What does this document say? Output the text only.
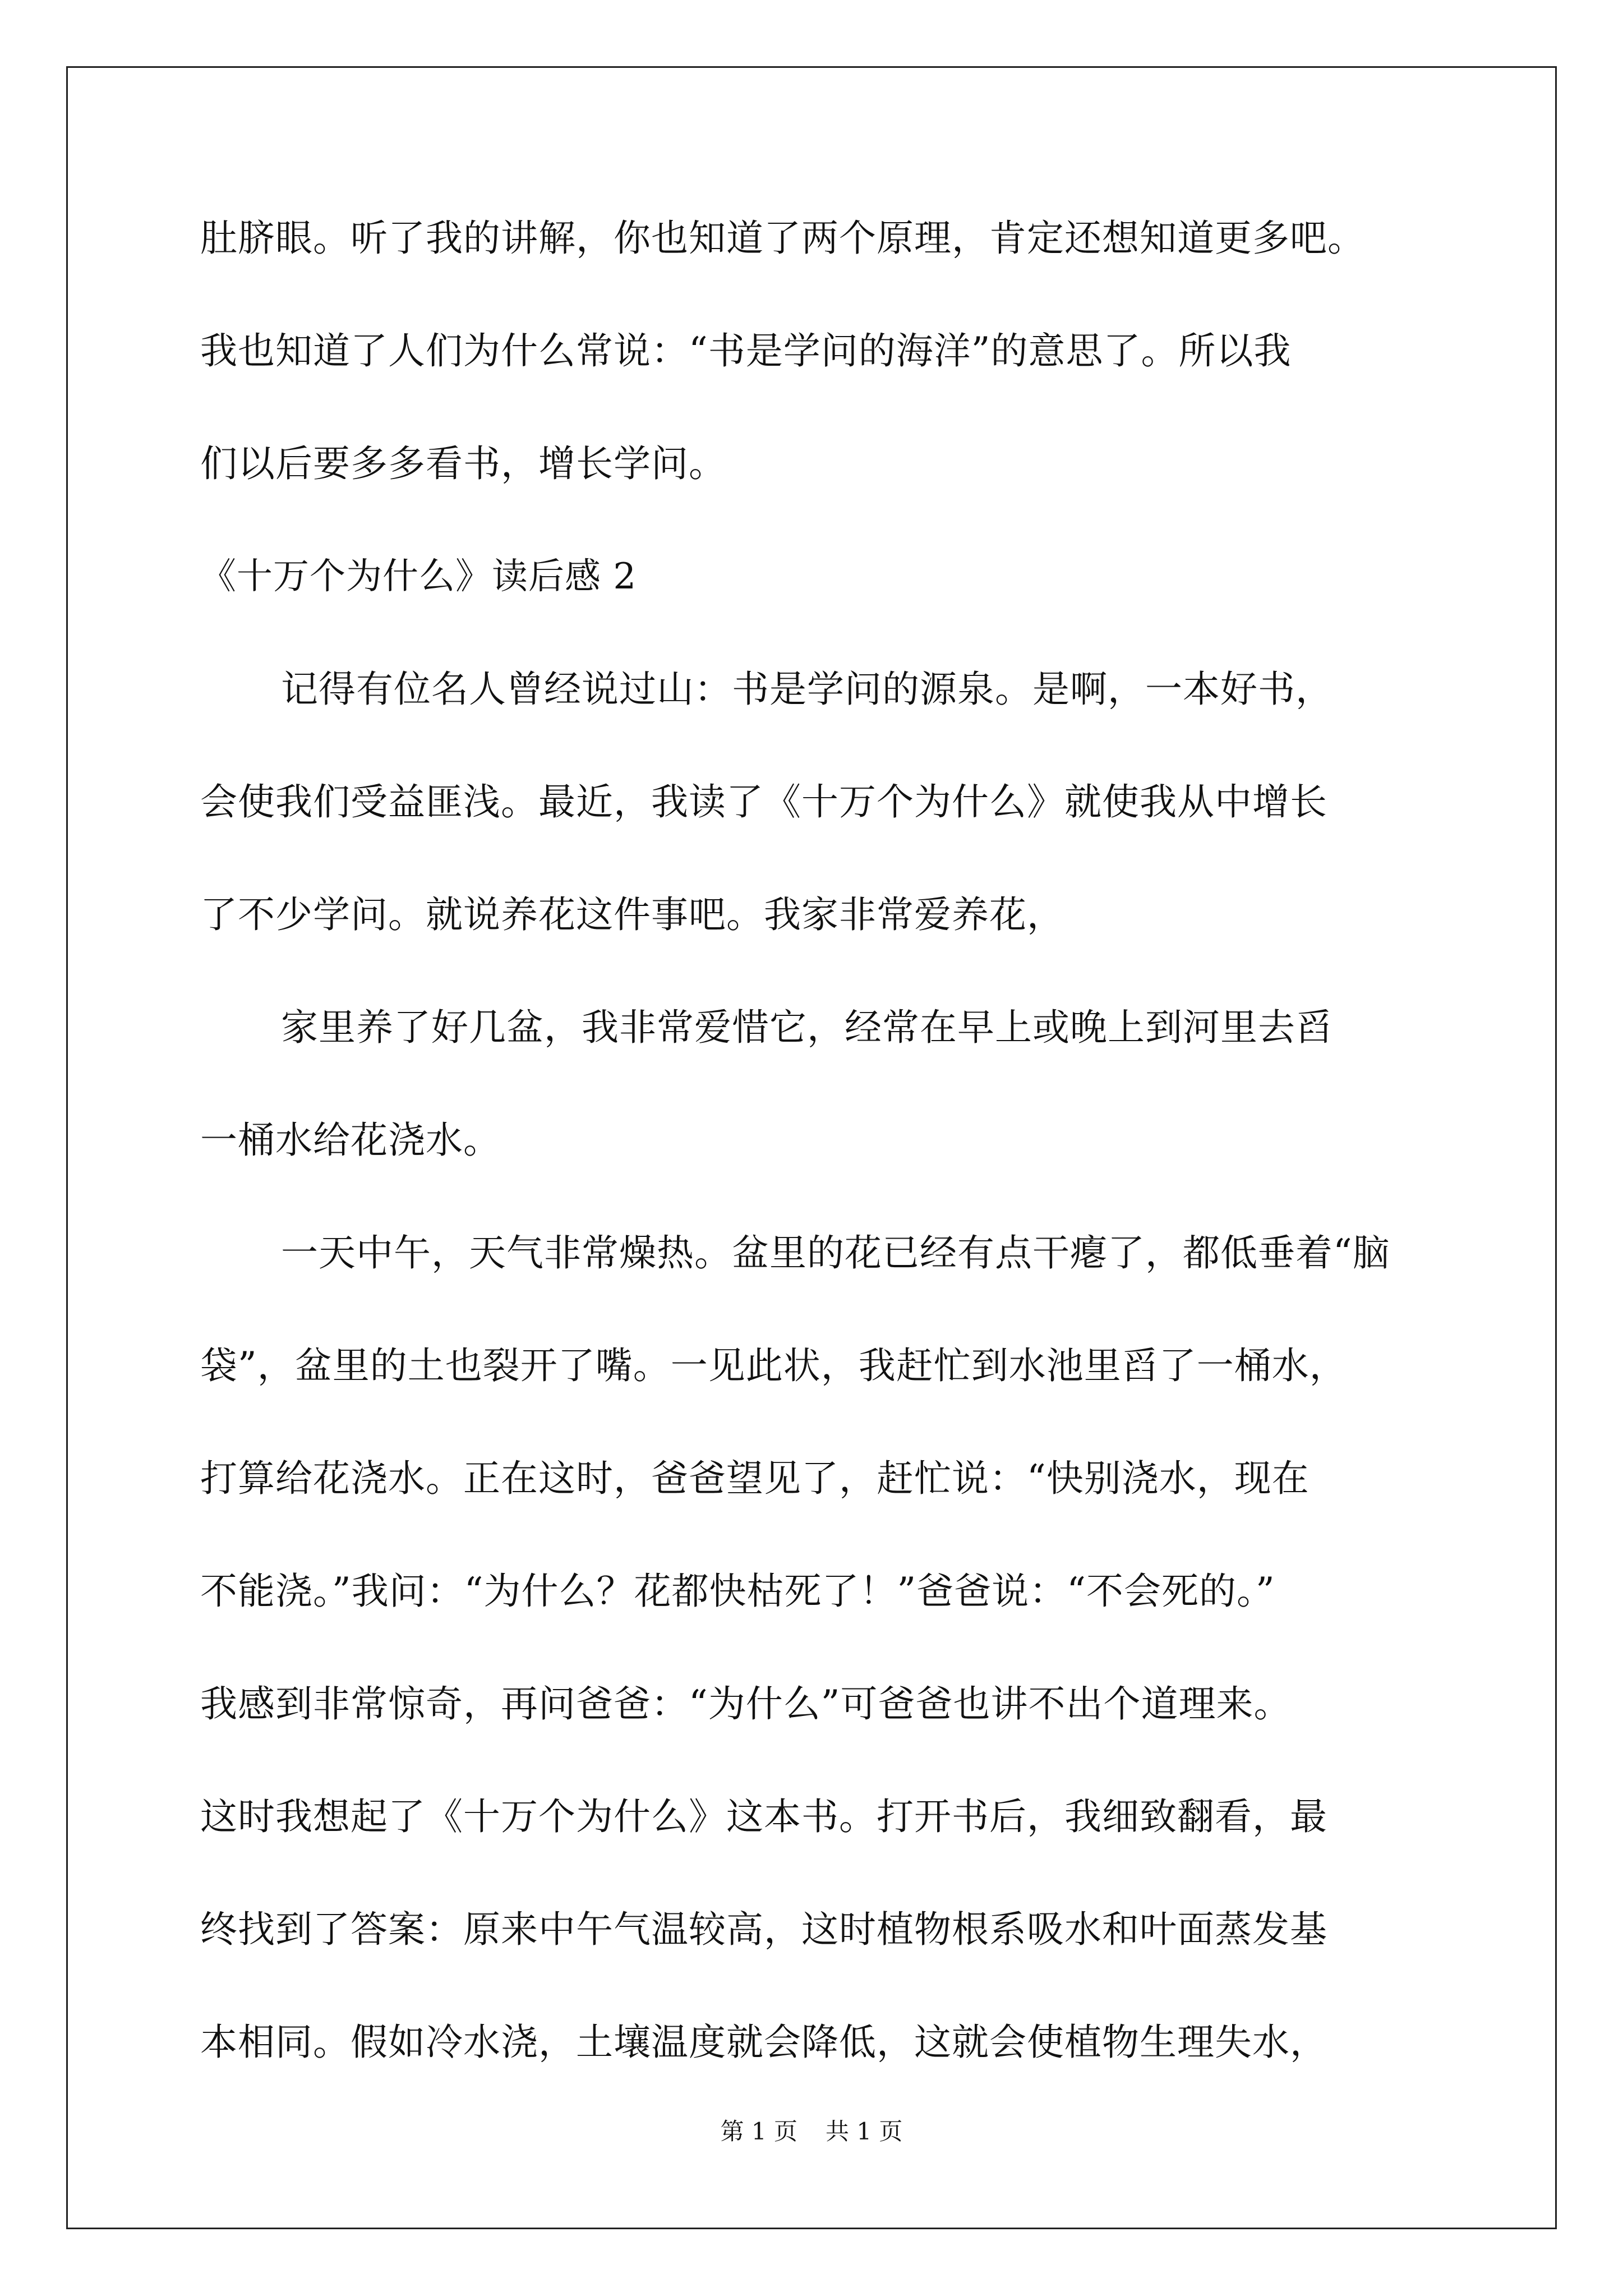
肚脐眼。听了我的讲解，你也知道了两个原理，肯定还想知道更多吧。
我也知道了人们为什么常说：“书是学问的海洋”的意思了。所以我
们以后要多多看书，增长学问。
《十万个为什么》读后感 2
记得有位名人曾经说过山：书是学问的源泉。是啊，一本好书，
会使我们受益匪浅。最近，我读了《十万个为什么》就使我从中增长
了不少学问。就说养花这件事吧。我家非常爱养花，
家里养了好几盆，我非常爱惜它，经常在早上或晚上到河里去舀
一桶水给花浇水。
一天中午，天气非常燥热。盆里的花已经有点干瘪了，都低垂着“脑
袋”，盆里的土也裂开了嘴。一见此状，我赶忙到水池里舀了一桶水，
打算给花浇水。正在这时，爸爸望见了，赶忙说：“快别浇水，现在
不能浇。”我问：“为什么？花都快枯死了！”爸爸说：“不会死的。”
我感到非常惊奇，再问爸爸：“为什么”可爸爸也讲不出个道理来。
这时我想起了《十万个为什么》这本书。打开书后，我细致翻看，最
终找到了答案：原来中午气温较高，这时植物根系吸水和叶面蒸发基
本相同。假如冷水浇，土壤温度就会降低，这就会使植物生理失水，
第 1 页 共 1 页
